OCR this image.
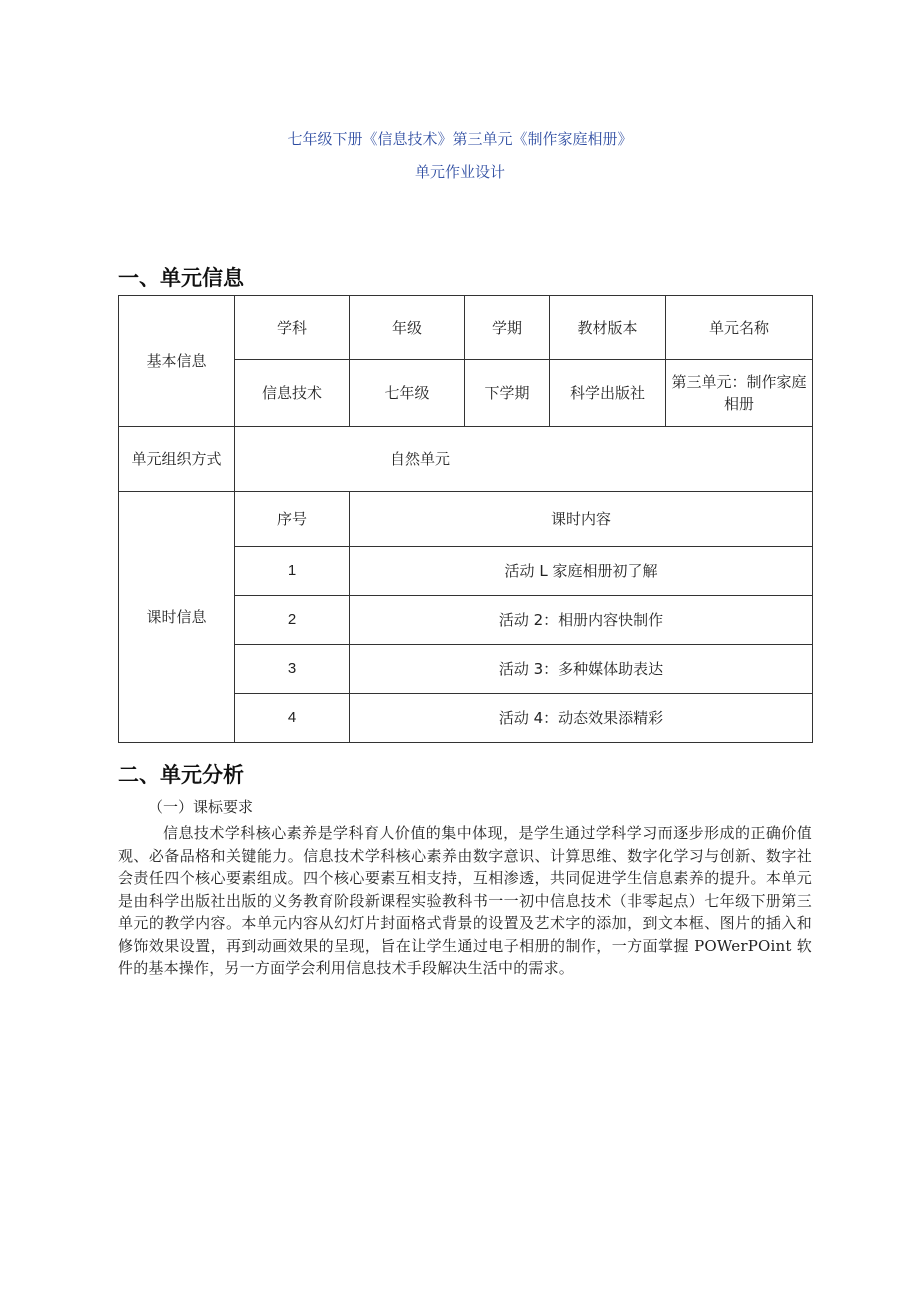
七年级下册《信息技术》第三单元《制作家庭相册》
单元作业设计
一、单元信息
基本信息	学科	年级	学期	教材版本	单元名称
	信息技术	七年级	下学期	科学出版社	第三单元：制作家庭相册
单元组织方式	自然单元				
课时信息	序号	课时内容			
	1	活动 L 家庭相册初了解			
	2	活动 2：相册内容快制作			
	3	活动 3：多种媒体助表达			
	4	活动 4：动态效果添精彩			
二、单元分析
（一）课标要求

信息技术学科核心素养是学科育人价值的集中体现，是学生通过学科学习而逐步形成的正确价值观、必备品格和关键能力。信息技术学科核心素养由数字意识、计算思维、数字化学习与创新、数字社会责任四个核心要素组成。四个核心要素互相支持，互相渗透，共同促进学生信息素养的提升。本单元是由科学出版社出版的义务教育阶段新课程实验教科书一一初中信息技术（非零起点）七年级下册第三单元的教学内容。本单元内容从幻灯片封面格式背景的设置及艺术字的添加，到文本框、图片的插入和修饰效果设置，再到动画效果的呈现，旨在让学生通过电子相册的制作，一方面掌握 POWerPOint 软件的基本操作，另一方面学会利用信息技术手段解决生活中的需求。
